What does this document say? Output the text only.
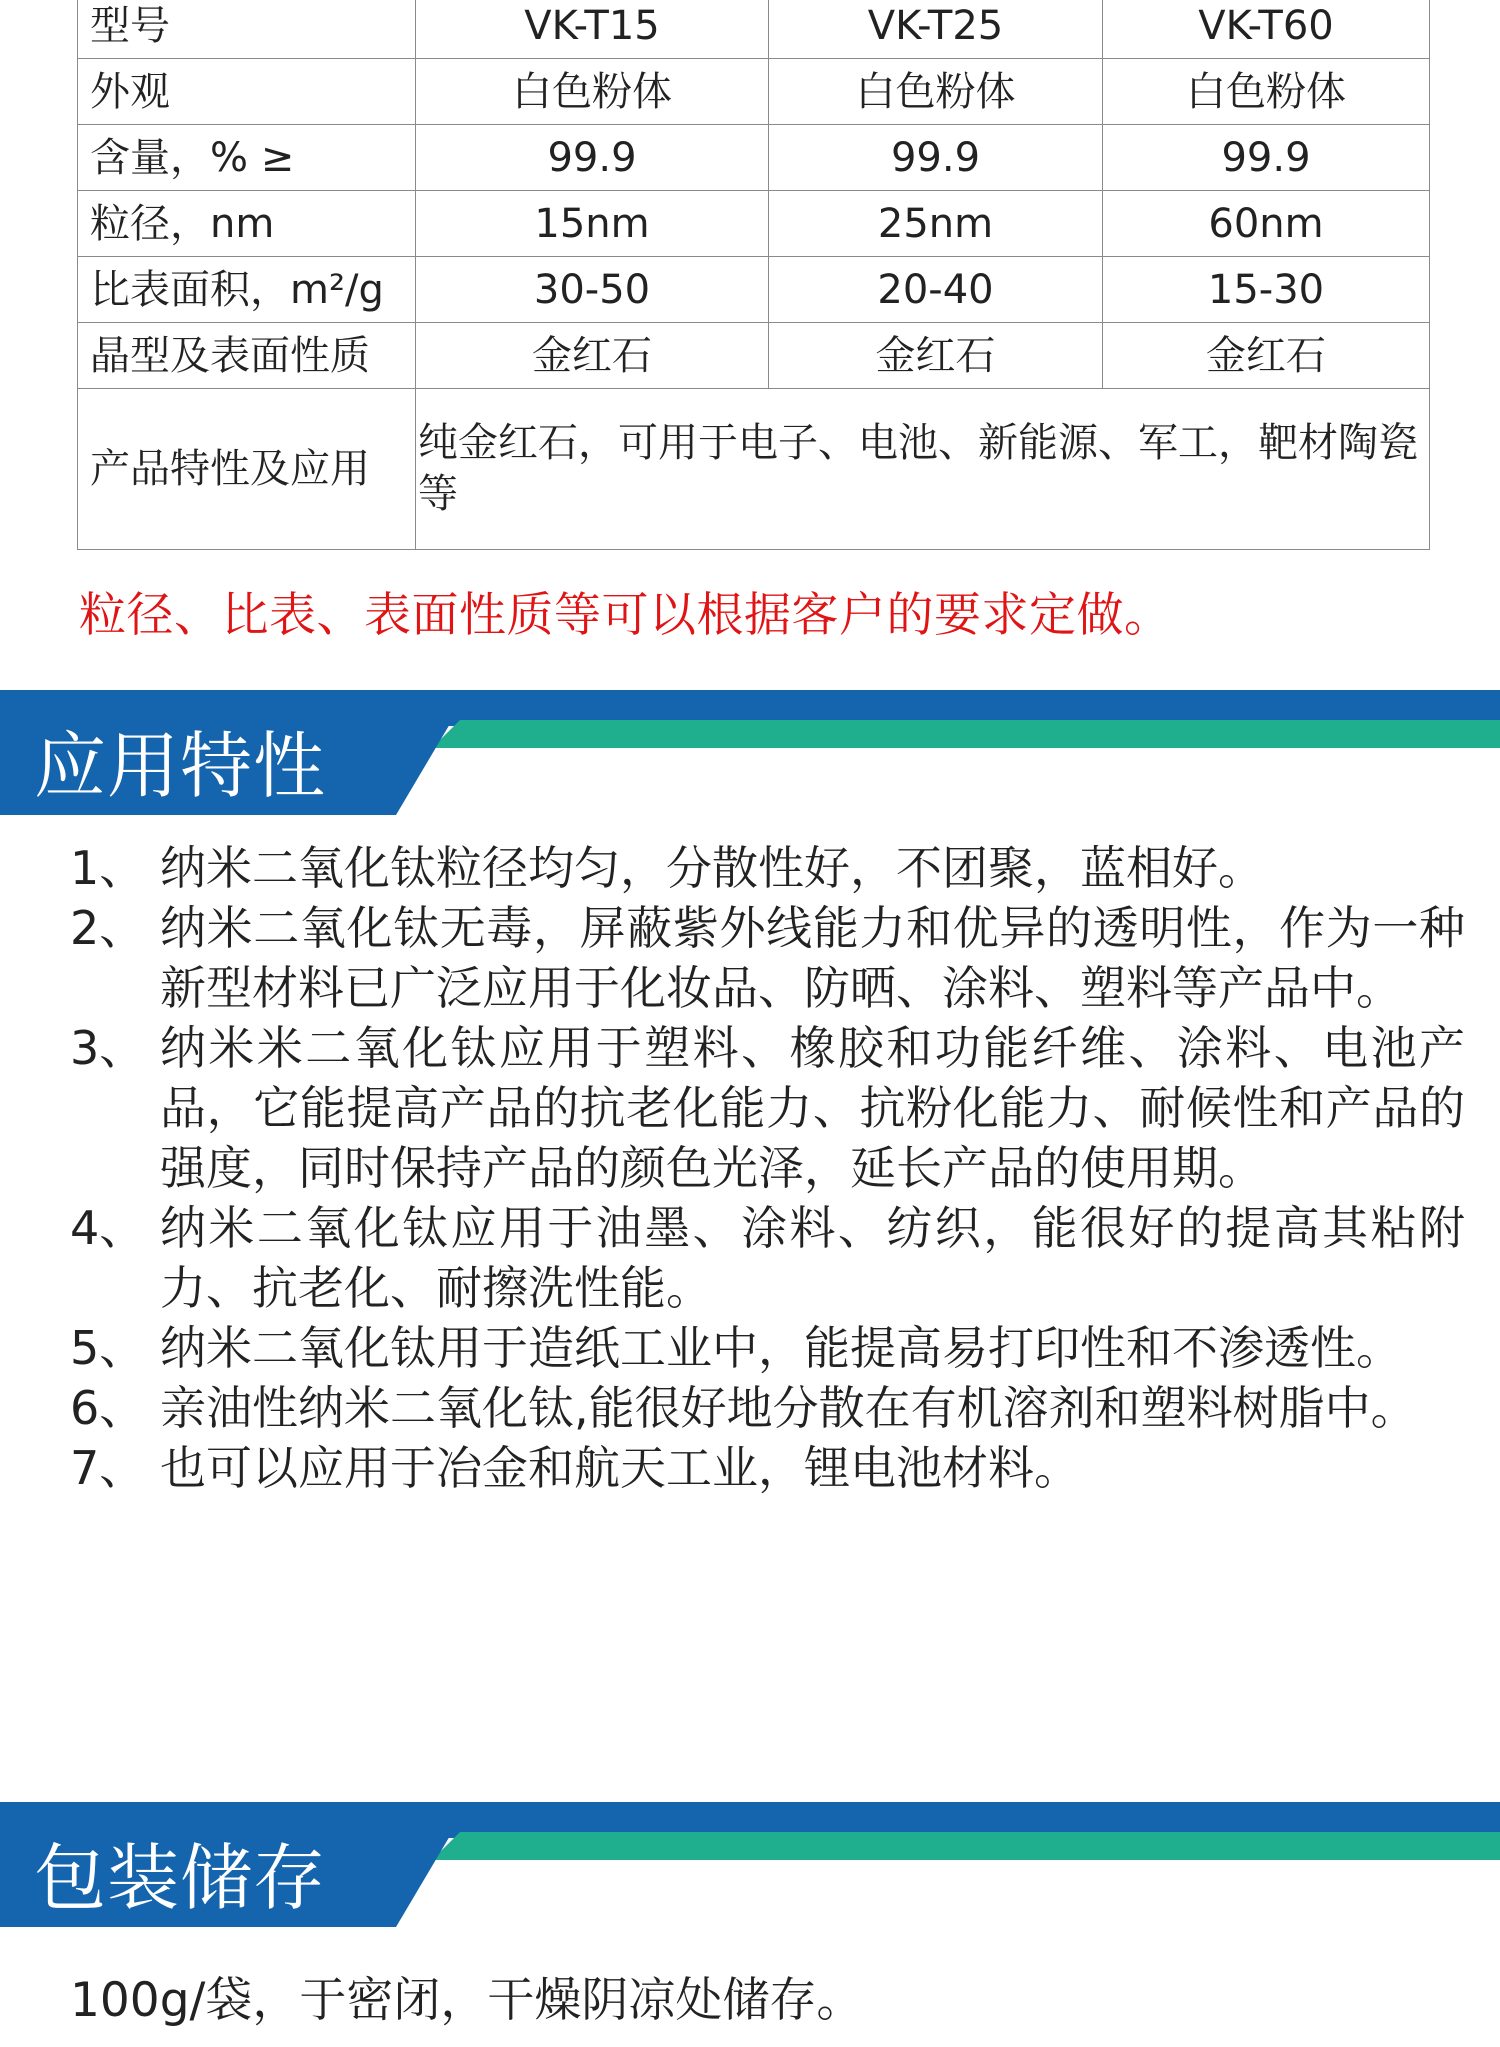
型号	VK-T15	VK-T25	VK-T60
外观	白色粉体	白色粉体	白色粉体
含量，% ≥	99.9	99.9	99.9
粒径，nm	15nm	25nm	60nm
比表面积，m²/g	30-50	20-40	15-30
晶型及表面性质	金红石	金红石	金红石
产品特性及应用	纯金红石，可用于电子、电池、新能源、军工，靶材陶瓷等		

粒径、比表、表面性质等可以根据客户的要求定做。

应用特性
1、 纳米二氧化钛粒径均匀，分散性好，不团聚，蓝相好。
2、 纳米二氧化钛无毒，屏蔽紫外线能力和优异的透明性，作为一种新型材料已广泛应用于化妆品、防晒、涂料、塑料等产品中。
3、 纳米米二氧化钛应用于塑料、橡胶和功能纤维、涂料、电池产品，它能提高产品的抗老化能力、抗粉化能力、耐候性和产品的强度，同时保持产品的颜色光泽，延长产品的使用期。
4、 纳米二氧化钛应用于油墨、涂料、纺织，能很好的提高其粘附力、抗老化、耐擦洗性能。
5、 纳米二氧化钛用于造纸工业中，能提高易打印性和不渗透性。
6、 亲油性纳米二氧化钛,能很好地分散在有机溶剂和塑料树脂中。
7、 也可以应用于冶金和航天工业，锂电池材料。
包装储存

100g/袋，于密闭，干燥阴凉处储存。
